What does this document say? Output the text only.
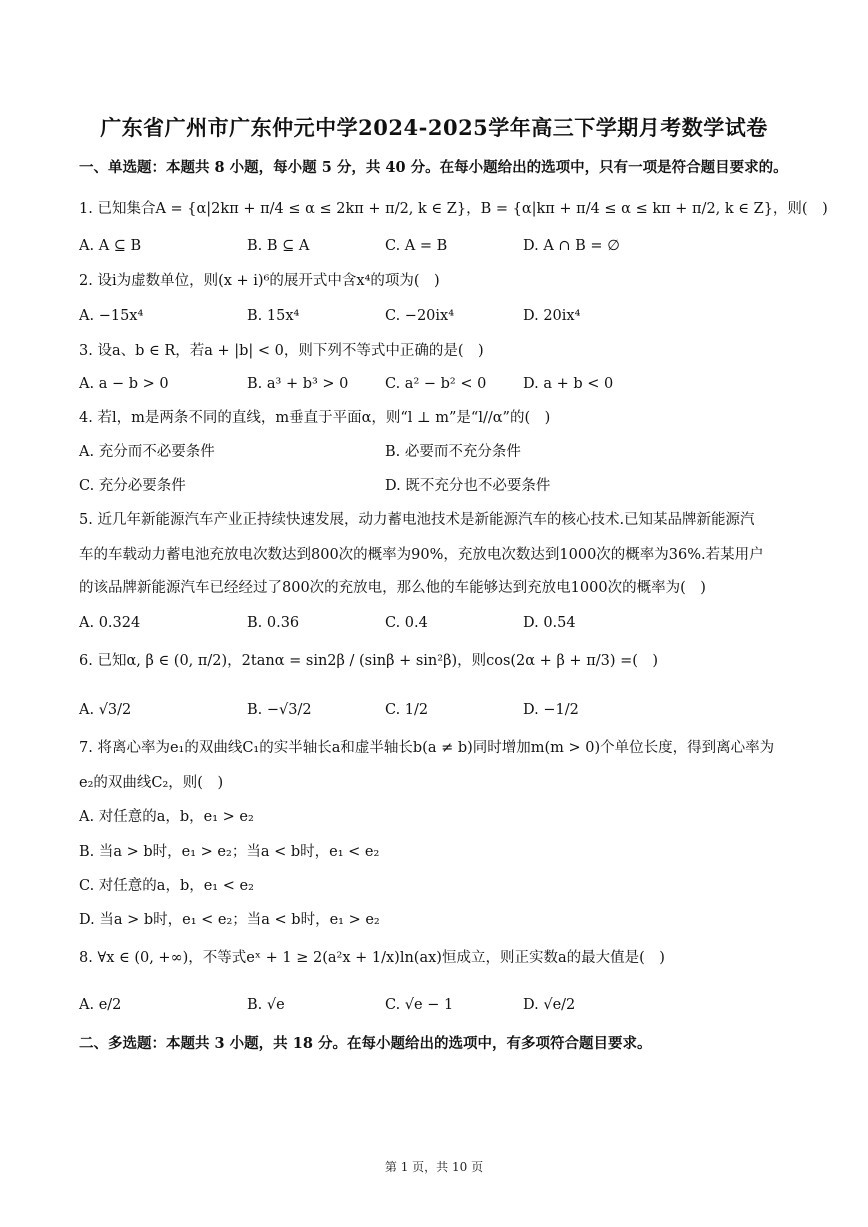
广东省广州市广东仲元中学2024-2025学年高三下学期月考数学试卷
一、单选题：本题共 8 小题，每小题 5 分，共 40 分。在每小题给出的选项中，只有一项是符合题目要求的。
1. 已知集合A = {α|2kπ + π/4 ≤ α ≤ 2kπ + π/2, k ∈ Z}，B = {α|kπ + π/4 ≤ α ≤ kπ + π/2, k ∈ Z}，则(　)
A. A ⊆ B	B. B ⊆ A	C. A = B	D. A ∩ B = ∅
2. 设i为虚数单位，则(x + i)⁶的展开式中含x⁴的项为(　)
A. −15x⁴	B. 15x⁴	C. −20ix⁴	D. 20ix⁴
3. 设a、b ∈ R，若a + |b| < 0，则下列不等式中正确的是(　)
A. a − b > 0	B. a³ + b³ > 0	C. a² − b² < 0	D. a + b < 0
4. 若l，m是两条不同的直线，m垂直于平面α，则“l ⊥ m”是“l//α”的(　)
A. 充分而不必要条件	B. 必要而不充分条件
C. 充分必要条件	D. 既不充分也不必要条件
5. 近几年新能源汽车产业正持续快速发展，动力蓄电池技术是新能源汽车的核心技术.已知某品牌新能源汽
车的车载动力蓄电池充放电次数达到800次的概率为90%，充放电次数达到1000次的概率为36%.若某用户
的该品牌新能源汽车已经经过了800次的充放电，那么他的车能够达到充放电1000次的概率为(　)
A. 0.324	B. 0.36	C. 0.4	D. 0.54
6. 已知α, β ∈ (0, π/2)，2tanα = sin2β / (sinβ + sin²β)，则cos(2α + β + π/3) =(　)
A. √3/2	B. −√3/2	C. 1/2	D. −1/2
7. 将离心率为e₁的双曲线C₁的实半轴长a和虚半轴长b(a ≠ b)同时增加m(m > 0)个单位长度，得到离心率为
e₂的双曲线C₂，则(　)
A. 对任意的a，b，e₁ > e₂
B. 当a > b时，e₁ > e₂；当a < b时，e₁ < e₂
C. 对任意的a，b，e₁ < e₂
D. 当a > b时，e₁ < e₂；当a < b时，e₁ > e₂
8. ∀x ∈ (0, +∞)，不等式eˣ + 1 ≥ 2(a²x + 1/x)ln(ax)恒成立，则正实数a的最大值是(　)
A. e/2	B. √e	C. √e − 1	D. √e/2
二、多选题：本题共 3 小题，共 18 分。在每小题给出的选项中，有多项符合题目要求。
第 1 页，共 10 页
